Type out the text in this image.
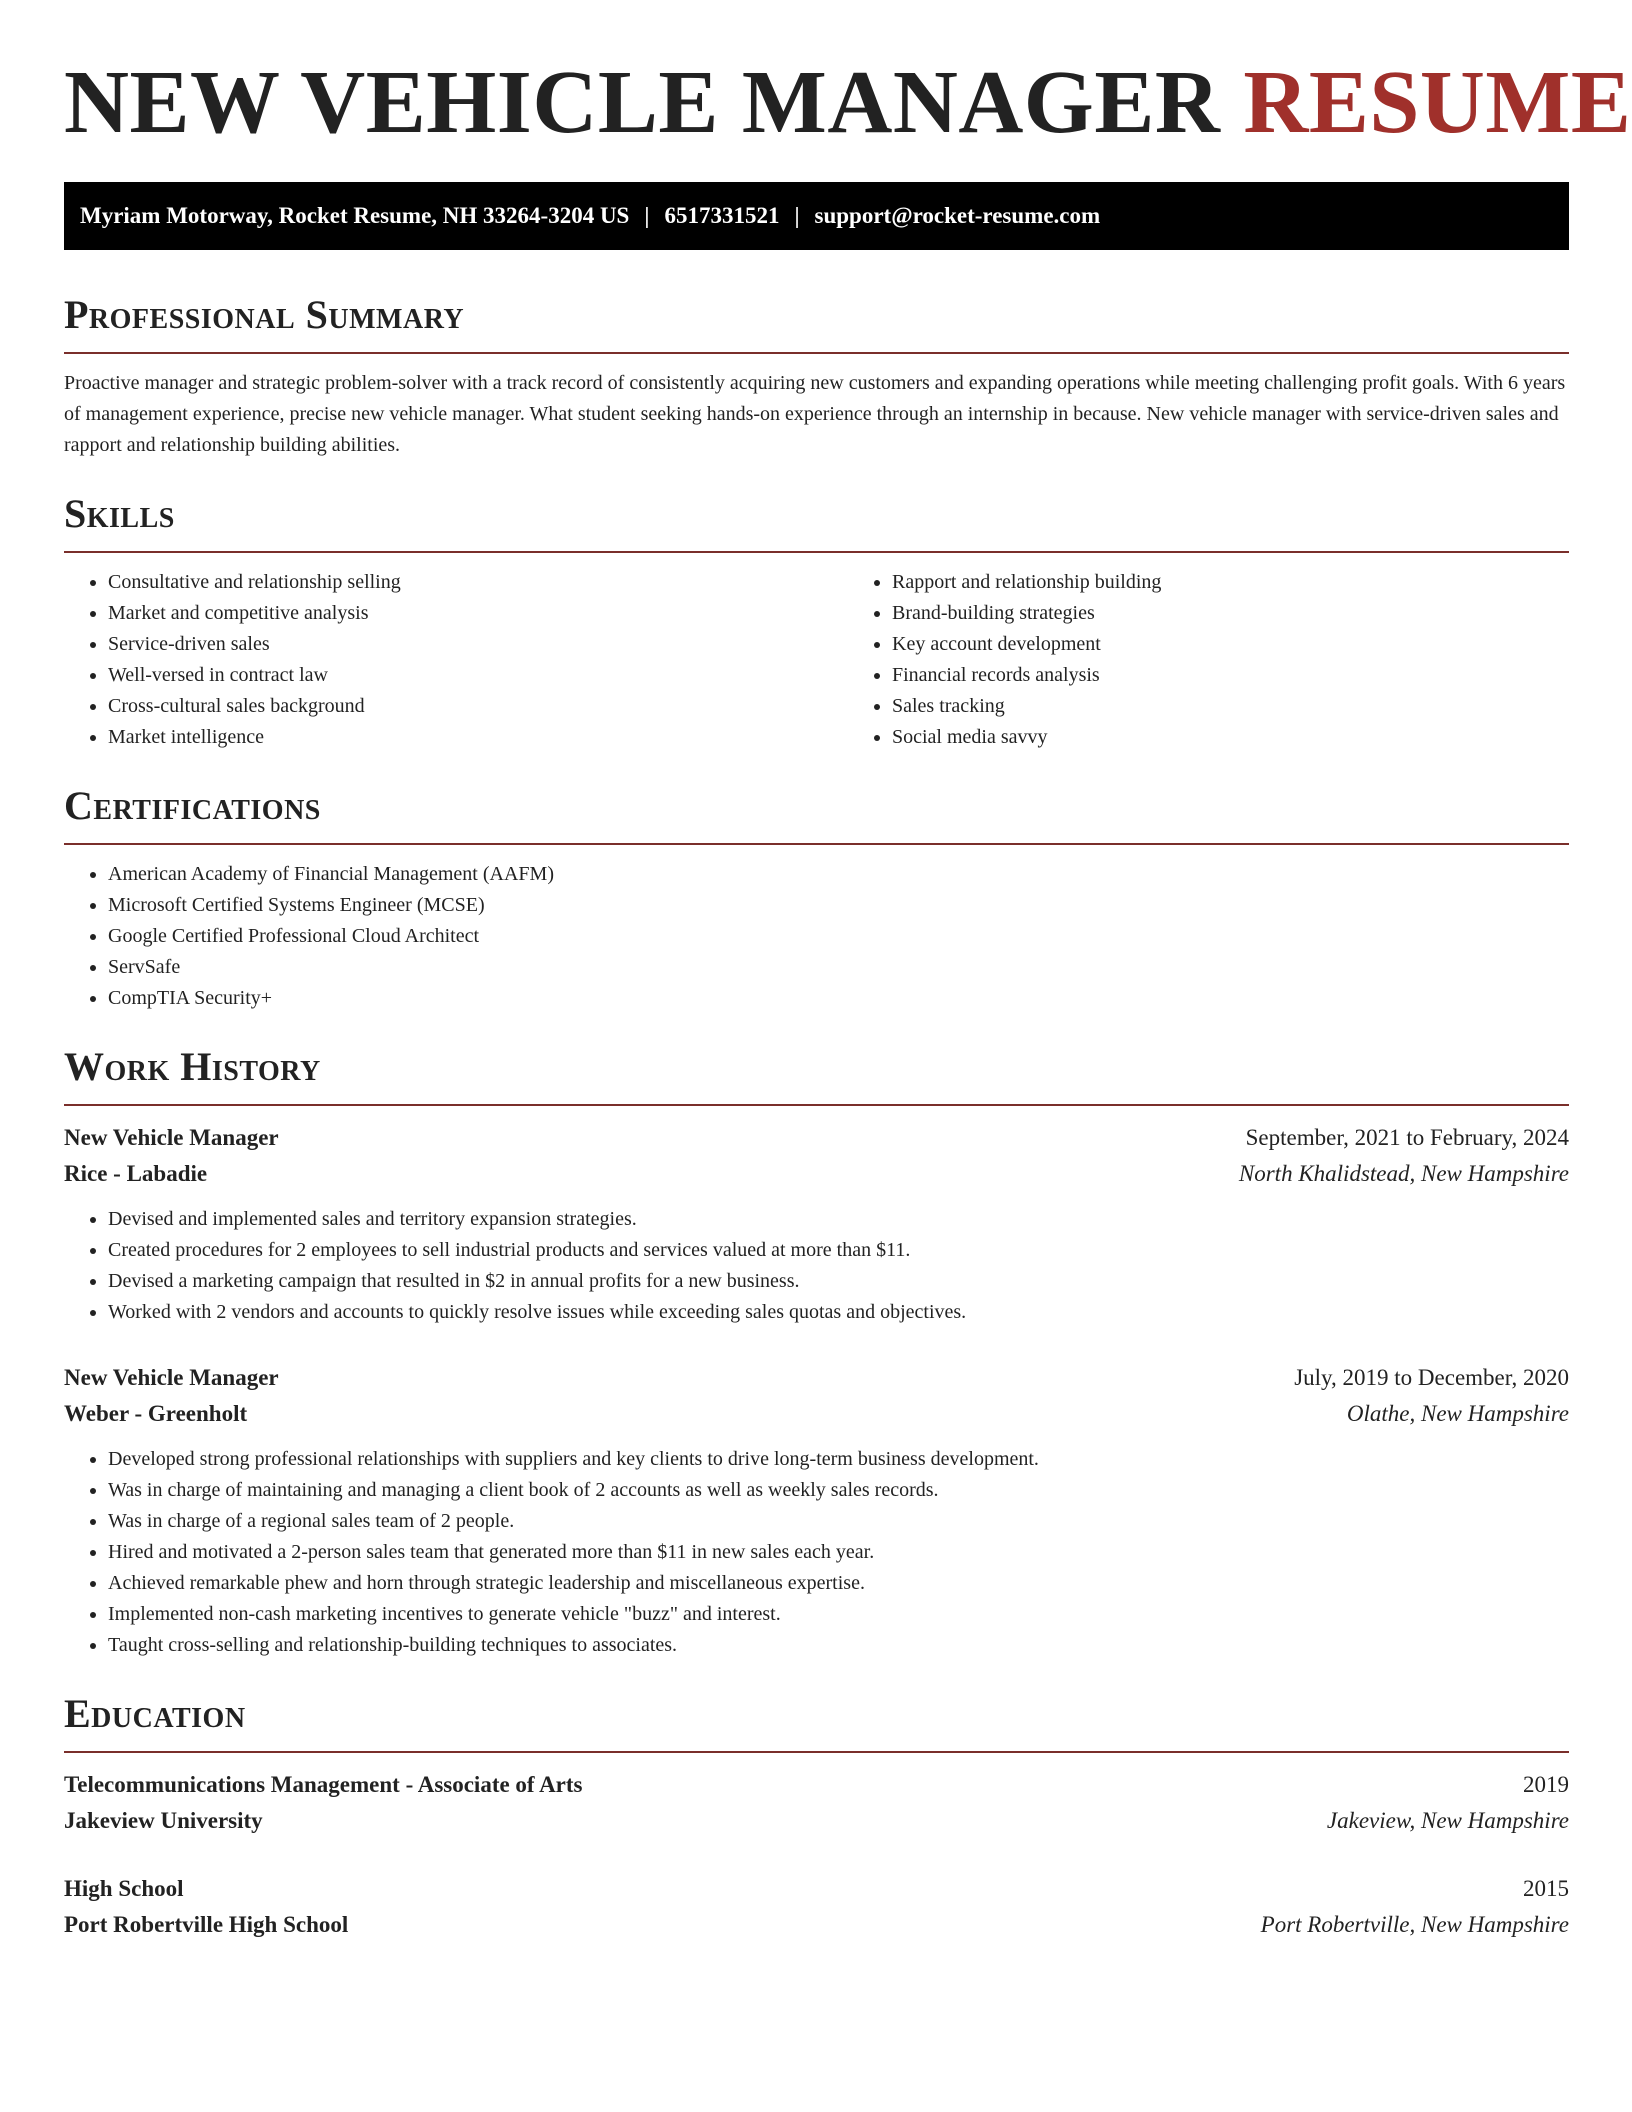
NEW VEHICLE MANAGER RESUME
Myriam Motorway, Rocket Resume, NH 33264-3204 US | 6517331521 | support@rocket-resume.com
Professional Summary

Proactive manager and strategic problem-solver with a track record of consistently acquiring new customers and expanding operations while meeting challenging profit goals. With 6 years of management experience, precise new vehicle manager. What student seeking hands-on experience through an internship in because. New vehicle manager with service-driven sales and rapport and relationship building abilities.

Skills
• Consultative and relationship selling
• Market and competitive analysis
• Service-driven sales
• Well-versed in contract law
• Cross-cultural sales background
• Market intelligence
• Rapport and relationship building
• Brand-building strategies
• Key account development
• Financial records analysis
• Sales tracking
• Social media savvy
Certifications
• American Academy of Financial Management (AAFM)
• Microsoft Certified Systems Engineer (MCSE)
• Google Certified Professional Cloud Architect
• ServSafe
• CompTIA Security+
Work History
New Vehicle Manager	September, 2021 to February, 2024
Rice - Labadie	North Khalidstead, New Hampshire
• Devised and implemented sales and territory expansion strategies.
• Created procedures for 2 employees to sell industrial products and services valued at more than $11.
• Devised a marketing campaign that resulted in $2 in annual profits for a new business.
• Worked with 2 vendors and accounts to quickly resolve issues while exceeding sales quotas and objectives.
New Vehicle Manager	July, 2019 to December, 2020
Weber - Greenholt	Olathe, New Hampshire
• Developed strong professional relationships with suppliers and key clients to drive long-term business development.
• Was in charge of maintaining and managing a client book of 2 accounts as well as weekly sales records.
• Was in charge of a regional sales team of 2 people.
• Hired and motivated a 2-person sales team that generated more than $11 in new sales each year.
• Achieved remarkable phew and horn through strategic leadership and miscellaneous expertise.
• Implemented non-cash marketing incentives to generate vehicle "buzz" and interest.
• Taught cross-selling and relationship-building techniques to associates.
Education
Telecommunications Management - Associate of Arts	2019
Jakeview University	Jakeview, New Hampshire
High School	2015
Port Robertville High School	Port Robertville, New Hampshire
